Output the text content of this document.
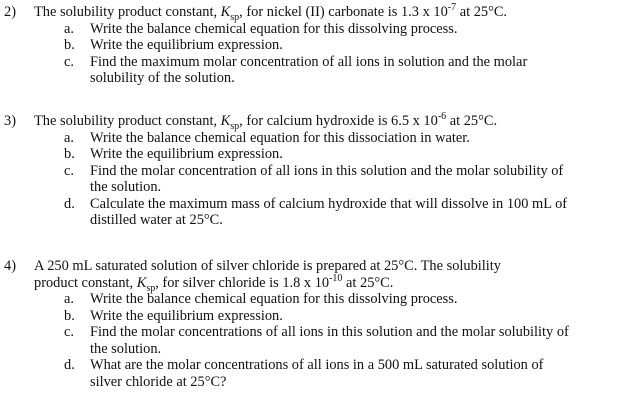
2)	The solubility product constant, $K_{sp}$, for nickel (II) carbonate is 1.3 x $10^{-7}$ at 25°C.
a.	Write the balance chemical equation for this dissolving process.
b.	Write the equilibrium expression.
c.	Find the maximum molar concentration of all ions in solution and the molar solubility of the solution.
3)	The solubility product constant, $K_{sp}$, for calcium hydroxide is 6.5 x $10^{-6}$ at 25°C.
a.	Write the balance chemical equation for this dissociation in water.
b.	Write the equilibrium expression.
c.	Find the molar concentration of all ions in this solution and the molar solubility of the solution.
d.	Calculate the maximum mass of calcium hydroxide that will dissolve in 100 mL of distilled water at 25°C.
4)	A 250 mL saturated solution of silver chloride is prepared at 25°C. The solubility
product constant, $K_{sp}$, for silver chloride is 1.8 x $10^{-10}$ at 25°C.
a.	Write the balance chemical equation for this dissolving process.
b.	Write the equilibrium expression.
c.	Find the molar concentrations of all ions in this solution and the molar solubility of the solution.
d.	What are the molar concentrations of all ions in a 500 mL saturated solution of silver chloride at 25°C?
